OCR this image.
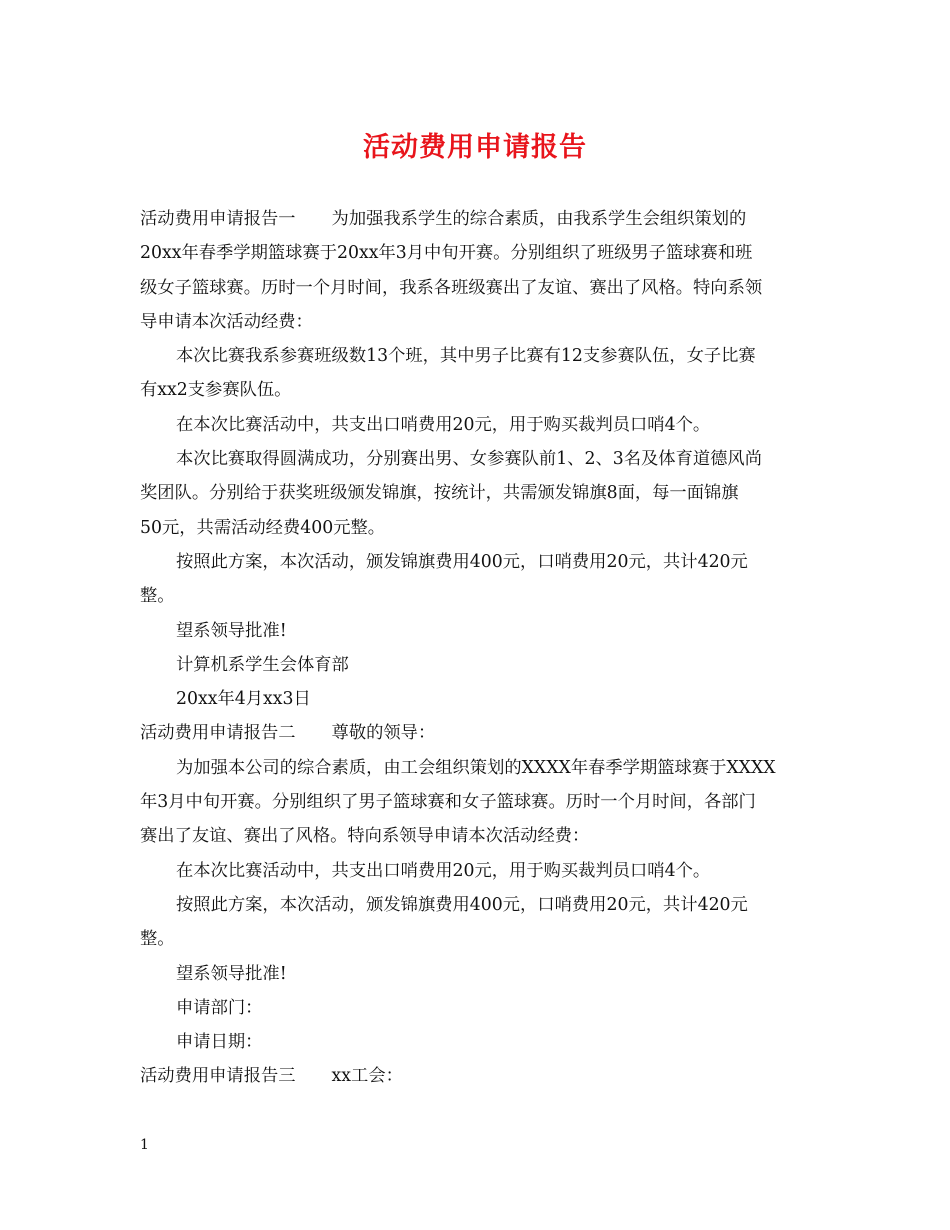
活动费用申请报告

活动费用申请报告一 为加强我系学生的综合素质，由我系学生会组织策划的

20xx年春季学期篮球赛于20xx年3月中旬开赛。分别组织了班级男子篮球赛和班

级女子篮球赛。历时一个月时间，我系各班级赛出了友谊、赛出了风格。特向系领

导申请本次活动经费：

本次比赛我系参赛班级数13个班，其中男子比赛有12支参赛队伍，女子比赛

有xx2支参赛队伍。

在本次比赛活动中，共支出口哨费用20元，用于购买裁判员口哨4个。

本次比赛取得圆满成功，分别赛出男、女参赛队前1、2、3名及体育道德风尚

奖团队。分别给于获奖班级颁发锦旗，按统计，共需颁发锦旗8面，每一面锦旗

50元，共需活动经费400元整。

按照此方案，本次活动，颁发锦旗费用400元，口哨费用20元，共计420元

整。

望系领导批准!

计算机系学生会体育部

20xx年4月xx3日

活动费用申请报告二 尊敬的领导：

为加强本公司的综合素质，由工会组织策划的XXXX年春季学期篮球赛于XXXX

年3月中旬开赛。分别组织了男子篮球赛和女子篮球赛。历时一个月时间，各部门

赛出了友谊、赛出了风格。特向系领导申请本次活动经费：

在本次比赛活动中，共支出口哨费用20元，用于购买裁判员口哨4个。

按照此方案，本次活动，颁发锦旗费用400元，口哨费用20元，共计420元

整。

望系领导批准!

申请部门：

申请日期：

活动费用申请报告三 xx工会：

1
